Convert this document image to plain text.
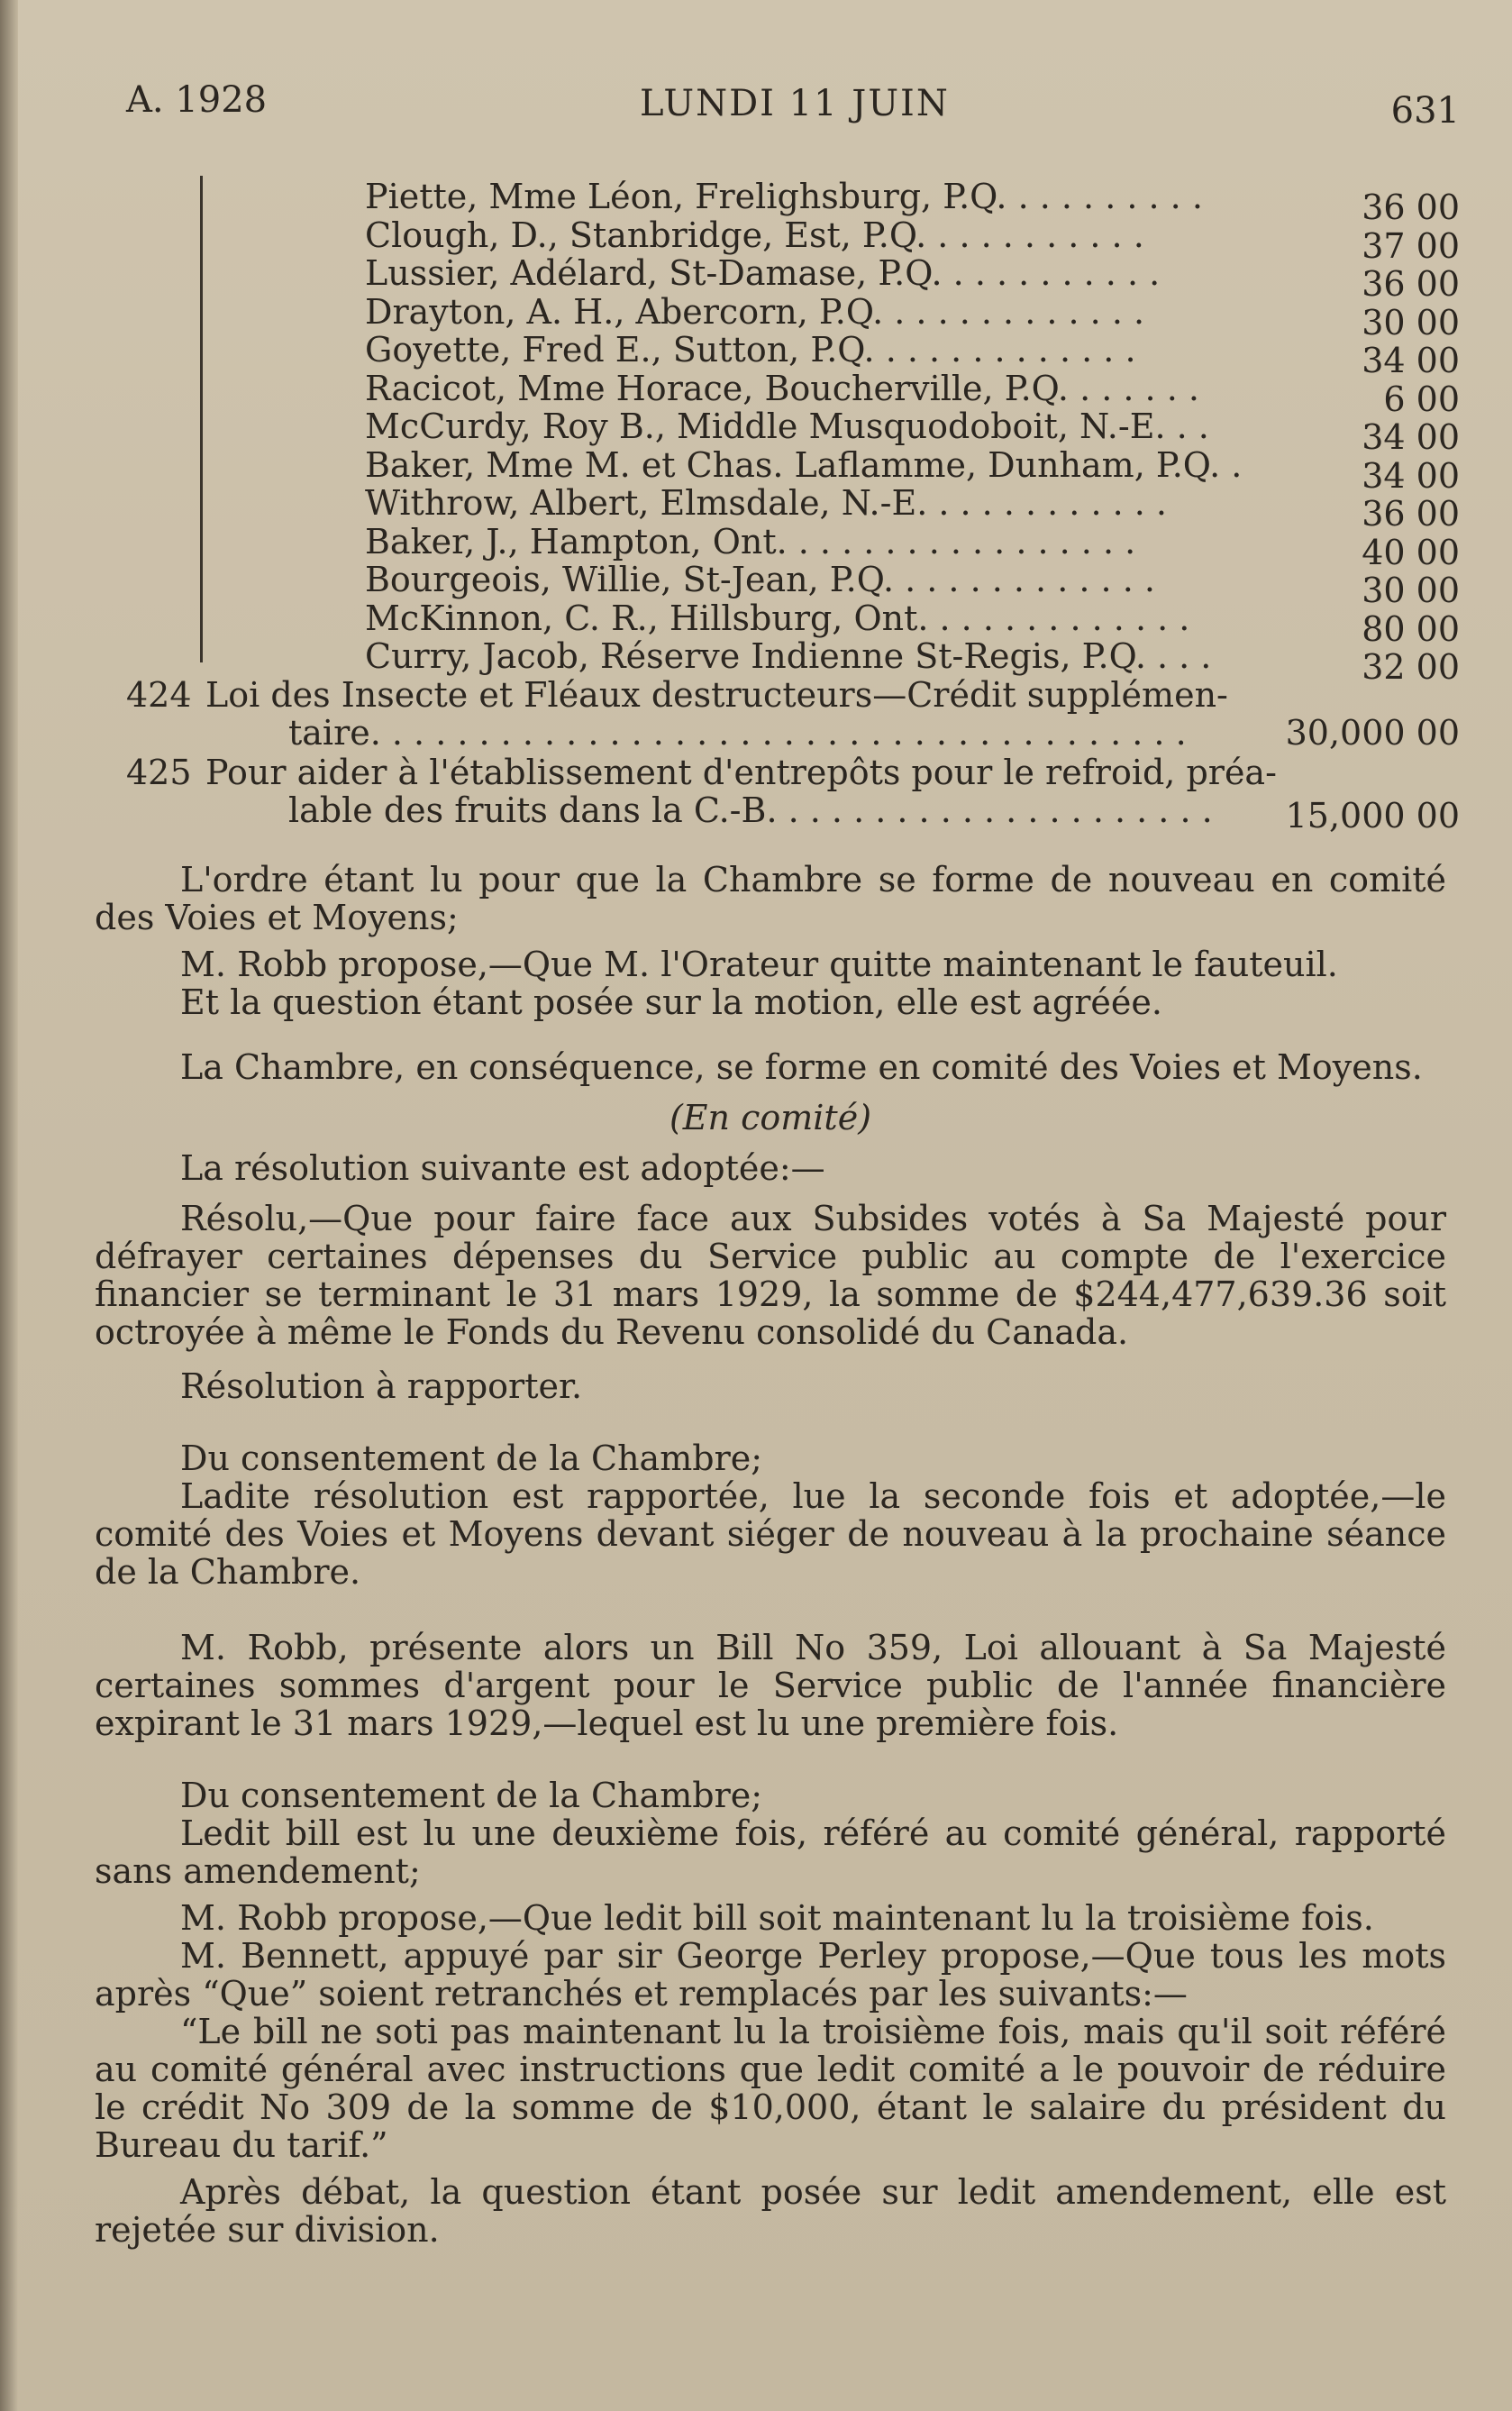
A. 1928	LUNDI 11 JUIN	631
Piette, Mme Léon, Frelighsburg, P.Q. . . . . . . . . .	36 00
Clough, D., Stanbridge, Est, P.Q. . . . . . . . . . .	37 00
Lussier, Adélard, St-Damase, P.Q. . . . . . . . . . .	36 00
Drayton, A. H., Abercorn, P.Q. . . . . . . . . . . . .	30 00
Goyette, Fred E., Sutton, P.Q. . . . . . . . . . . . .	34 00
Racicot, Mme Horace, Boucherville, P.Q. . . . . . .	6 00
McCurdy, Roy B., Middle Musquodoboit, N.-E. . .	34 00
Baker, Mme M. et Chas. Laflamme, Dunham, P.Q. .	34 00
Withrow, Albert, Elmsdale, N.-E. . . . . . . . . . . .	36 00
Baker, J., Hampton, Ont. . . . . . . . . . . . . . . . .	40 00
Bourgeois, Willie, St-Jean, P.Q. . . . . . . . . . . . .	30 00
McKinnon, C. R., Hillsburg, Ont. . . . . . . . . . . . .	80 00
Curry, Jacob, Réserve Indienne St-Regis, P.Q. . . .	32 00
424 Loi des Insecte et Fléaux destructeurs—Crédit supplémen-
taire. . . . . . . . . . . . . . . . . . . . . . . . . . . . . . . . . . . . . .	30,000 00
425 Pour aider à l'établissement d'entrepôts pour le refroid, préa-
lable des fruits dans la C.-B. . . . . . . . . . . . . . . . . . . . . 15,000 00

L'ordre étant lu pour que la Chambre se forme de nouveau en comité des Voies et Moyens;

M. Robb propose,—Que M. l'Orateur quitte maintenant le fauteuil.

Et la question étant posée sur la motion, elle est agréée.

La Chambre, en conséquence, se forme en comité des Voies et Moyens.

(En comité)

La résolution suivante est adoptée:—

Résolu,—Que pour faire face aux Subsides votés à Sa Majesté pour défrayer certaines dépenses du Service public au compte de l'exercice financier se terminant le 31 mars 1929, la somme de $244,477,639.36 soit octroyée à même le Fonds du Revenu consolidé du Canada.

Résolution à rapporter.

Du consentement de la Chambre;

Ladite résolution est rapportée, lue la seconde fois et adoptée,—le comité des Voies et Moyens devant siéger de nouveau à la prochaine séance de la Chambre.

M. Robb, présente alors un Bill No 359, Loi allouant à Sa Majesté certaines sommes d'argent pour le Service public de l'année financière expirant le 31 mars 1929,—lequel est lu une première fois.

Du consentement de la Chambre;

Ledit bill est lu une deuxième fois, référé au comité général, rapporté sans amendement;

M. Robb propose,—Que ledit bill soit maintenant lu la troisième fois.

M. Bennett, appuyé par sir George Perley propose,—Que tous les mots après “Que” soient retranchés et remplacés par les suivants:—

“Le bill ne soti pas maintenant lu la troisième fois, mais qu'il soit référé au comité général avec instructions que ledit comité a le pouvoir de réduire le crédit No 309 de la somme de $10,000, étant le salaire du président du Bureau du tarif.”

Après débat, la question étant posée sur ledit amendement, elle est rejetée sur division.
